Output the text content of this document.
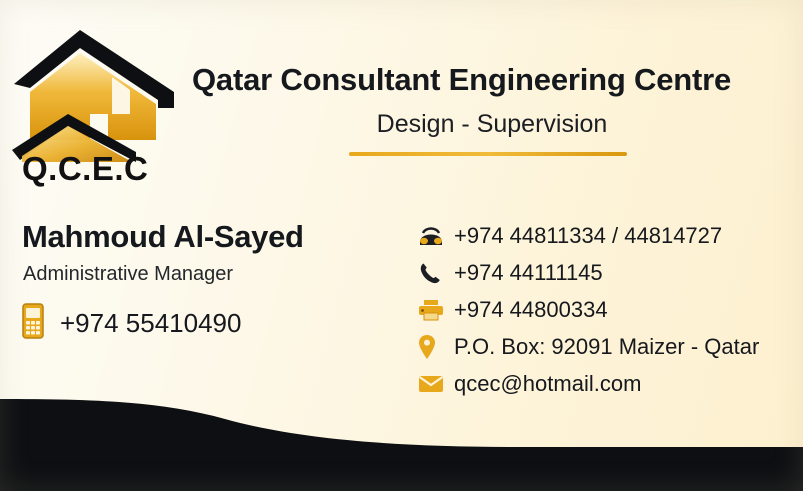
Q.C.E.C
Qatar Consultant Engineering Centre
Design - Supervision
Mahmoud Al-Sayed
Administrative Manager
+974 55410490
+974 44811334 / 44814727
+974 44111145
+974 44800334
P.O. Box: 92091 Maizer - Qatar
qcec@hotmail.com
